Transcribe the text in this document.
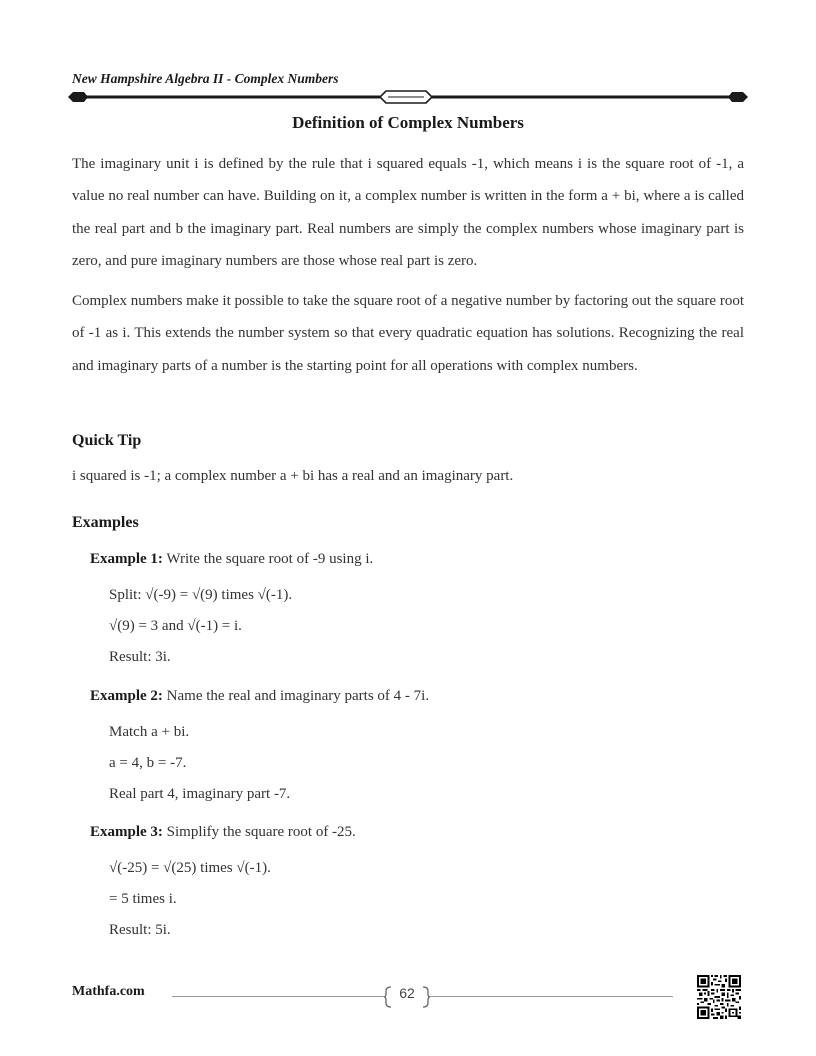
New Hampshire Algebra II - Complex Numbers
Definition of Complex Numbers

The imaginary unit i is defined by the rule that i squared equals -1, which means i is the square root of -1, a value no real number can have. Building on it, a complex number is written in the form a + bi, where a is called the real part and b the imaginary part. Real numbers are simply the complex numbers whose imaginary part is zero, and pure imaginary numbers are those whose real part is zero.

Complex numbers make it possible to take the square root of a negative number by factoring out the square root of -1 as i. This extends the number system so that every quadratic equation has solutions. Recognizing the real and imaginary parts of a number is the starting point for all operations with complex numbers.

Quick Tip
i squared is -1; a complex number a + bi has a real and an imaginary part.
Examples
Example 1: Write the square root of -9 using i.
Split: √(-9) = √(9) times √(-1).
√(9) = 3 and √(-1) = i.
Result: 3i.
Example 2: Name the real and imaginary parts of 4 - 7i.
Match a + bi.
a = 4, b = -7.
Real part 4, imaginary part -7.
Example 3: Simplify the square root of -25.
√(-25) = √(25) times √(-1).
= 5 times i.
Result: 5i.
Mathfa.com	62
